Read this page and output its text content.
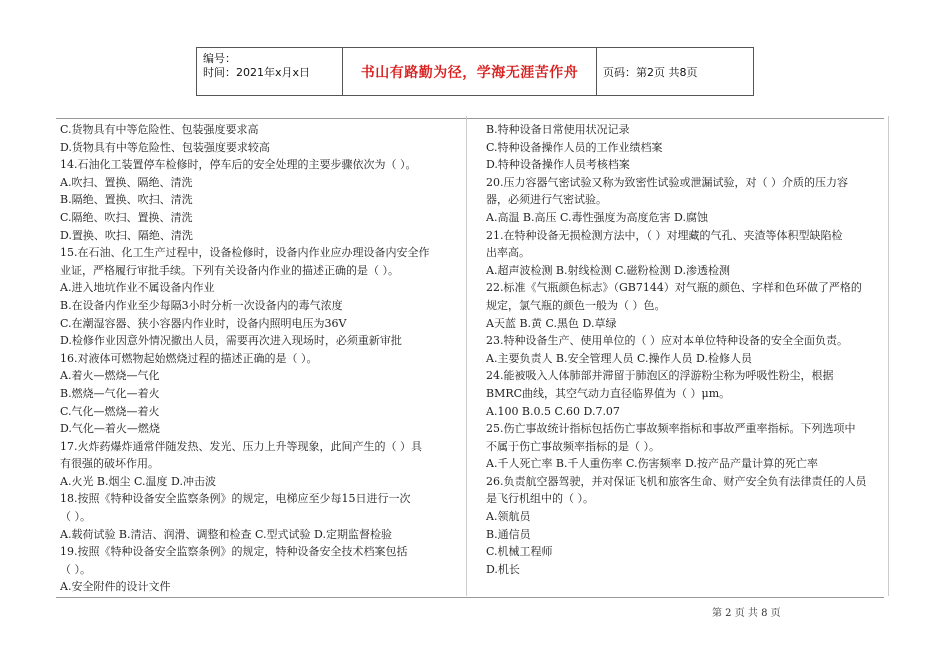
编号：
时间：2021年x月x日	书山有路勤为径，学海无涯苦作舟	页码：第2页 共8页

C.货物具有中等危险性、包装强度要求高

D.货物具有中等危险性、包装强度要求较高

14.石油化工装置停车检修时，停车后的安全处理的主要步骤依次为（ ）。

A.吹扫、置换、隔绝、清洗

B.隔绝、置换、吹扫、清洗

C.隔绝、吹扫、置换、清洗

D.置换、吹扫、隔绝、清洗

15.在石油、化工生产过程中，设备检修时，设备内作业应办理设备内安全作

业证，严格履行审批手续。下列有关设备内作业的描述正确的是（ ）。

A.进入地坑作业不属设备内作业

B.在设备内作业至少每隔3小时分析一次设备内的毒气浓度

C.在潮湿容器、狭小容器内作业时，设备内照明电压为36V

D.检修作业因意外情况撤出人员，需要再次进入现场时，必须重新审批

16.对液体可燃物起始燃烧过程的描述正确的是（ ）。

A.着火—燃烧—气化

B.燃烧—气化—着火

C.气化—燃烧—着火

D.气化—着火—燃烧

17.火炸药爆炸通常伴随发热、发光、压力上升等现象，此间产生的（ ）具

有很强的破坏作用。

A.火光 B.烟尘 C.温度 D.冲击波

18.按照《特种设备安全监察条例》的规定，电梯应至少每15日进行一次

（ ）。

A.载荷试验 B.清洁、润滑、调整和检查 C.型式试验 D.定期监督检验

19.按照《特种设备安全监察条例》的规定，特种设备安全技术档案包括

（ ）。

A.安全附件的设计文件

B.特种设备日常使用状况记录

C.特种设备操作人员的工作业绩档案

D.特种设备操作人员考核档案

20.压力容器气密试验又称为致密性试验或泄漏试验，对（ ）介质的压力容

器，必须进行气密试验。

A.高温 B.高压 C.毒性强度为高度危害 D.腐蚀

21.在特种设备无损检测方法中，（ ）对埋藏的气孔、夹渣等体积型缺陷检

出率高。

A.超声波检测 B.射线检测 C.磁粉检测 D.渗透检测

22.标准《气瓶颜色标志》（GB7144）对气瓶的颜色、字样和色环做了严格的

规定，氯气瓶的颜色一般为（ ）色。

A天蓝 B.黄 C.黑色 D.草绿

23.特种设备生产、使用单位的（ ）应对本单位特种设备的安全全面负责。

A.主要负责人 B.安全管理人员 C.操作人员 D.检修人员

24.能被吸入人体肺部并滞留于肺泡区的浮游粉尘称为呼吸性粉尘，根据

BMRC曲线，其空气动力直径临界值为（ ）μm。

A.100 B.0.5 C.60 D.7.07

25.伤亡事故统计指标包括伤亡事故频率指标和事故严重率指标。下列选项中

不属于伤亡事故频率指标的是（ ）。

A.千人死亡率 B.千人重伤率 C.伤害频率 D.按产品产量计算的死亡率

26.负责航空器驾驶，并对保证飞机和旅客生命、财产安全负有法律责任的人员

是飞行机组中的（ ）。

A.领航员

B.通信员

C.机械工程师

D.机长

第 2 页 共 8 页
